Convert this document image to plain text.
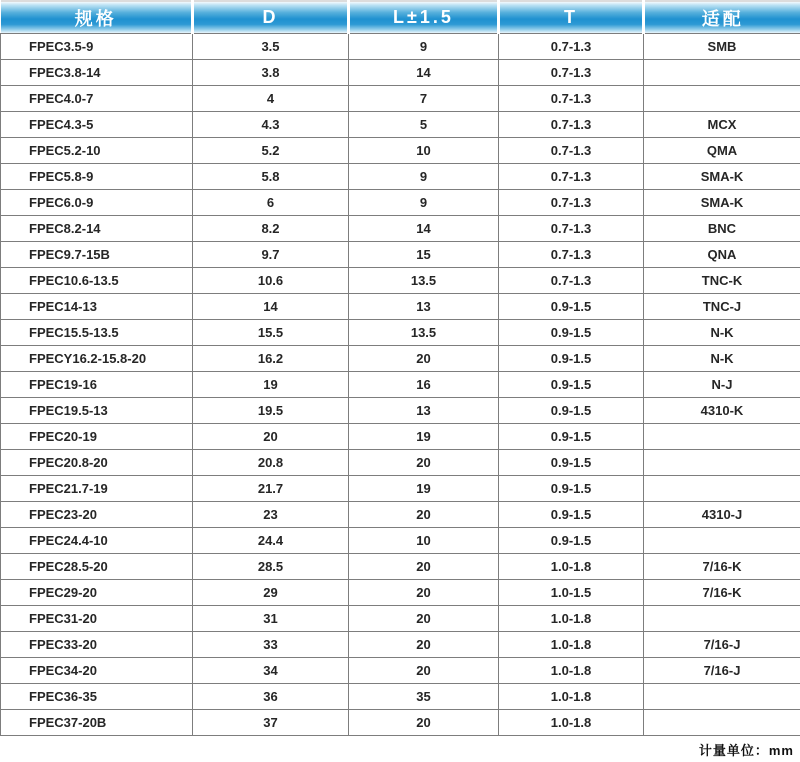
规格	D	L±1.5	T	适配
FPEC3.5-9	3.5	9	0.7-1.3	SMB
FPEC3.8-14	3.8	14	0.7-1.3	
FPEC4.0-7	4	7	0.7-1.3	
FPEC4.3-5	4.3	5	0.7-1.3	MCX
FPEC5.2-10	5.2	10	0.7-1.3	QMA
FPEC5.8-9	5.8	9	0.7-1.3	SMA-K
FPEC6.0-9	6	9	0.7-1.3	SMA-K
FPEC8.2-14	8.2	14	0.7-1.3	BNC
FPEC9.7-15B	9.7	15	0.7-1.3	QNA
FPEC10.6-13.5	10.6	13.5	0.7-1.3	TNC-K
FPEC14-13	14	13	0.9-1.5	TNC-J
FPEC15.5-13.5	15.5	13.5	0.9-1.5	N-K
FPECY16.2-15.8-20	16.2	20	0.9-1.5	N-K
FPEC19-16	19	16	0.9-1.5	N-J
FPEC19.5-13	19.5	13	0.9-1.5	4310-K
FPEC20-19	20	19	0.9-1.5	
FPEC20.8-20	20.8	20	0.9-1.5	
FPEC21.7-19	21.7	19	0.9-1.5	
FPEC23-20	23	20	0.9-1.5	4310-J
FPEC24.4-10	24.4	10	0.9-1.5	
FPEC28.5-20	28.5	20	1.0-1.8	7/16-K
FPEC29-20	29	20	1.0-1.5	7/16-K
FPEC31-20	31	20	1.0-1.8	
FPEC33-20	33	20	1.0-1.8	7/16-J
FPEC34-20	34	20	1.0-1.8	7/16-J
FPEC36-35	36	35	1.0-1.8	
FPEC37-20B	37	20	1.0-1.8	
计量单位：mm
